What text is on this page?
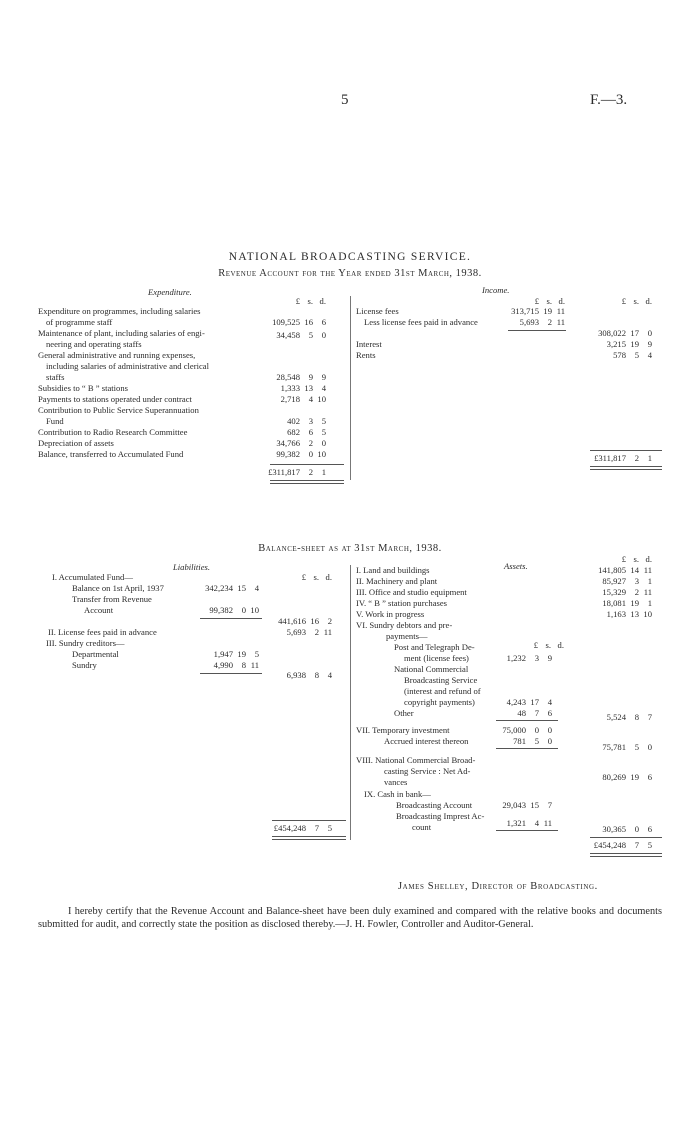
5	F.—3.
NATIONAL BROADCASTING SERVICE.
Revenue Account for the Year ended 31st March, 1938.
Expenditure.	Income.
£ s. d.	£ s. d.	£ s. d.
Expenditure on programmes, including salaries
of programme staff	109,525 16 6
Maintenance of plant, including salaries of engi-
neering and operating staffs
34,458 5 0
General administrative and running expenses,
including salaries of administrative and clerical
staffs	28,548 9 9
Subsidies to “ B ” stations	1,333 13 4
Payments to stations operated under contract	2,718 4 10
Contribution to Public Service Superannuation
Fund	402 3 5
Contribution to Radio Research Committee	682 6 5
Depreciation of assets	34,766 2 0
Balance, transferred to Accumulated Fund	99,382 0 10
£311,817 2 1
License fees	313,715 19 11
Less license fees paid in advance	5,693 2 11
308,022 17 0
Interest	3,215 19 9
Rents	578 5 4
£311,817 2 1
Balance-sheet as at 31st March, 1938.
Liabilities.	Assets.
£ s. d.
£ s. d.
I. Accumulated Fund—
Balance on 1st April, 1937	342,234 15 4
Transfer from Revenue
Account	99,382 0 10
441,616 16 2
II. License fees paid in advance	5,693 2 11
III. Sundry creditors—
Departmental	1,947 19 5
Sundry	4,990 8 11
6,938 8 4
£454,248 7 5
I. Land and buildings	141,805 14 11
II. Machinery and plant	85,927 3 1
III. Office and studio equipment	15,329 2 11
IV. “ B ” station purchases	18,081 19 1
V. Work in progress	1,163 13 10
VI. Sundry debtors and pre-
payments—
£ s. d.
Post and Telegraph De-
ment (license fees)	1,232 3 9
National Commercial
Broadcasting Service
(interest and refund of
copyright payments)	4,243 17 4
Other	48 7 6	5,524 8 7
VII. Temporary investment	75,000 0 0
Accrued interest thereon	781 5 0
75,781 5 0
VIII. National Commercial Broad-
casting Service : Net Ad-
vances	80,269 19 6
IX. Cash in bank—
Broadcasting Account	29,043 15 7
Broadcasting Imprest Ac-
count	1,321 4 11
30,365 0 6
£454,248 7 5
James Shelley, Director of Broadcasting.
I hereby certify that the Revenue Account and Balance-sheet have been duly examined and compared with the relative books and documents submitted for audit, and correctly state the position as disclosed thereby.—J. H. Fowler, Controller and Auditor-General.
